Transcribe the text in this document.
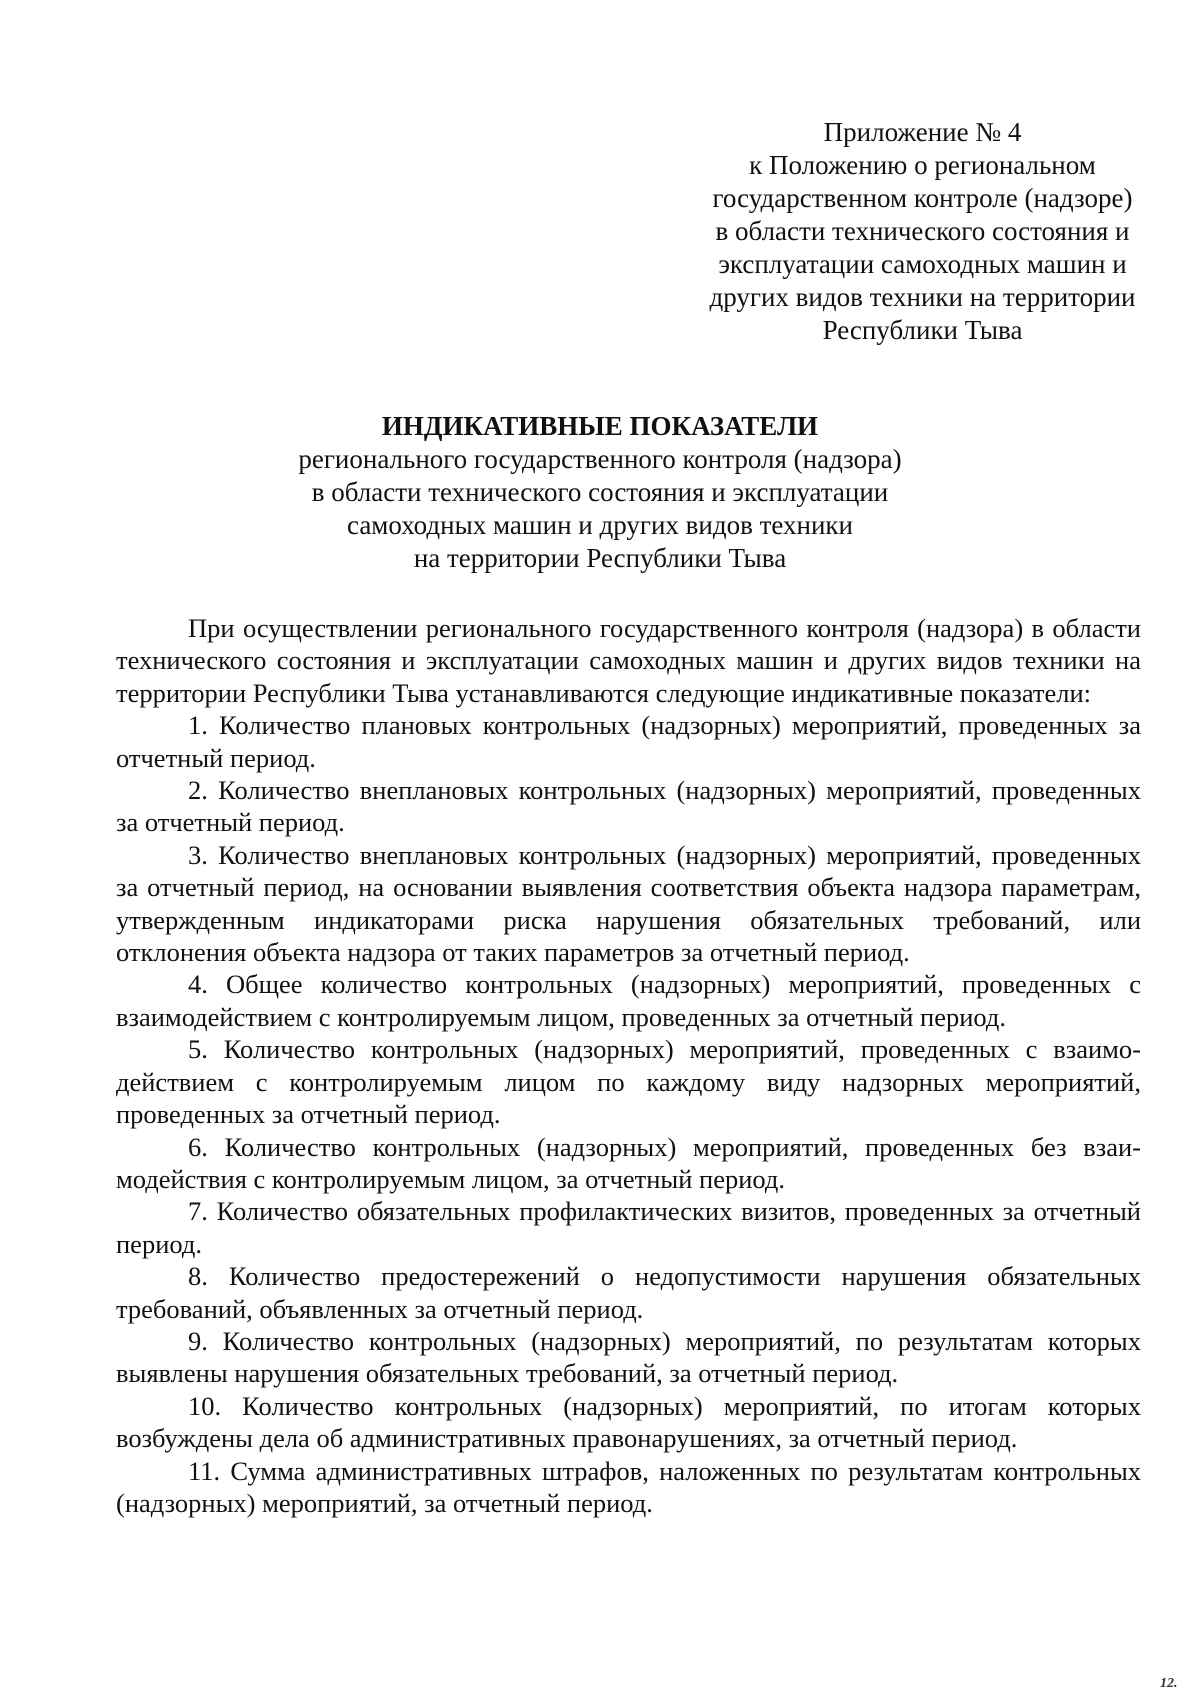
Приложение № 4
к Положению о региональном
государственном контроле (надзоре)
в области технического состояния и
эксплуатации самоходных машин и
других видов техники на территории
Республики Тыва
ИНДИКАТИВНЫЕ ПОКАЗАТЕЛИ
регионального государственного контроля (надзора)
в области технического состояния и эксплуатации
самоходных машин и других видов техники
на территории Республики Тыва

При осуществлении регионального государственного контроля (надзора) в области технического состояния и эксплуатации самоходных машин и других видов техники на территории Республики Тыва устанавливаются следующие индикативные показатели:

1. Количество плановых контрольных (надзорных) мероприятий, проведенных за отчетный период.

2. Количество внеплановых контрольных (надзорных) мероприятий, проведенных за отчетный период.

3. Количество внеплановых контрольных (надзорных) мероприятий, проведенных за отчетный период, на основании выявления соответствия объекта надзора параметрам, утвержденным индикаторами риска нарушения обязательных требований, или отклонения объекта надзора от таких параметров за отчетный период.

4. Общее количество контрольных (надзорных) мероприятий, проведенных с взаимодействием с контролируемым лицом, проведенных за отчетный период.

5. Количество контрольных (надзорных) мероприятий, проведенных с взаимодействием с контролируемым лицом по каждому виду надзорных мероприятий, проведенных за отчетный период.

6. Количество контрольных (надзорных) мероприятий, проведенных без взаимодействия с контролируемым лицом, за отчетный период.

7. Количество обязательных профилактических визитов, проведенных за отчетный период.

8. Количество предостережений о недопустимости нарушения обязательных требований, объявленных за отчетный период.

9. Количество контрольных (надзорных) мероприятий, по результатам которых выявлены нарушения обязательных требований, за отчетный период.

10. Количество контрольных (надзорных) мероприятий, по итогам которых возбуждены дела об административных правонарушениях, за отчетный период.

11. Сумма административных штрафов, наложенных по результатам контрольных (надзорных) мероприятий, за отчетный период.

12.
